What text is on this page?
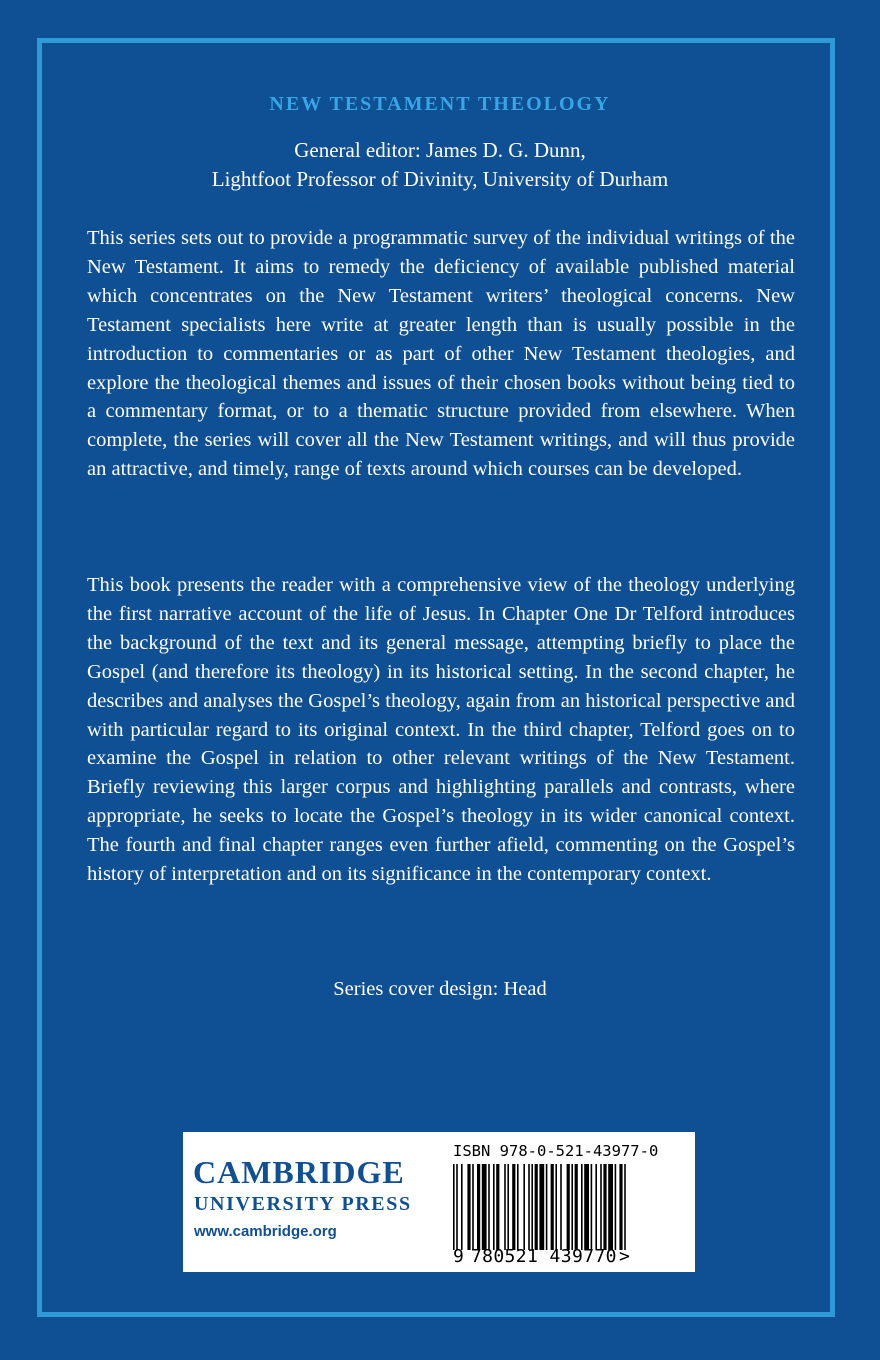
NEW TESTAMENT THEOLOGY
General editor: James D. G. Dunn,
Lightfoot Professor of Divinity, University of Durham

This series sets out to provide a programmatic survey of the individual writings of the New Testament. It aims to remedy the deficiency of available published material which concentrates on the New Testament writers’ theological concerns. New Testament specialists here write at greater length than is usually possible in the introduction to commentaries or as part of other New Testament theologies, and explore the theological themes and issues of their chosen books without being tied to a commentary format, or to a thematic structure provided from elsewhere. When complete, the series will cover all the New Testament writings, and will thus provide an attractive, and timely, range of texts around which courses can be developed.

This book presents the reader with a comprehensive view of the theology underlying the first narrative account of the life of Jesus. In Chapter One Dr Telford introduces the background of the text and its general message, attempting briefly to place the Gospel (and therefore its theology) in its historical setting. In the second chapter, he describes and analyses the Gospel’s theology, again from an historical perspective and with particular regard to its original context. In the third chapter, Telford goes on to examine the Gospel in relation to other relevant writings of the New Testament. Briefly reviewing this larger corpus and highlighting parallels and contrasts, where appropriate, he seeks to locate the Gospel’s theology in its wider canonical context. The fourth and final chapter ranges even further afield, commenting on the Gospel’s history of interpretation and on its significance in the contemporary context.

Series cover design: Head
CAMBRIDGE
UNIVERSITY PRESS
www.cambridge.org
ISBN 978-0-521-43977-0
9 780521 439770 >
